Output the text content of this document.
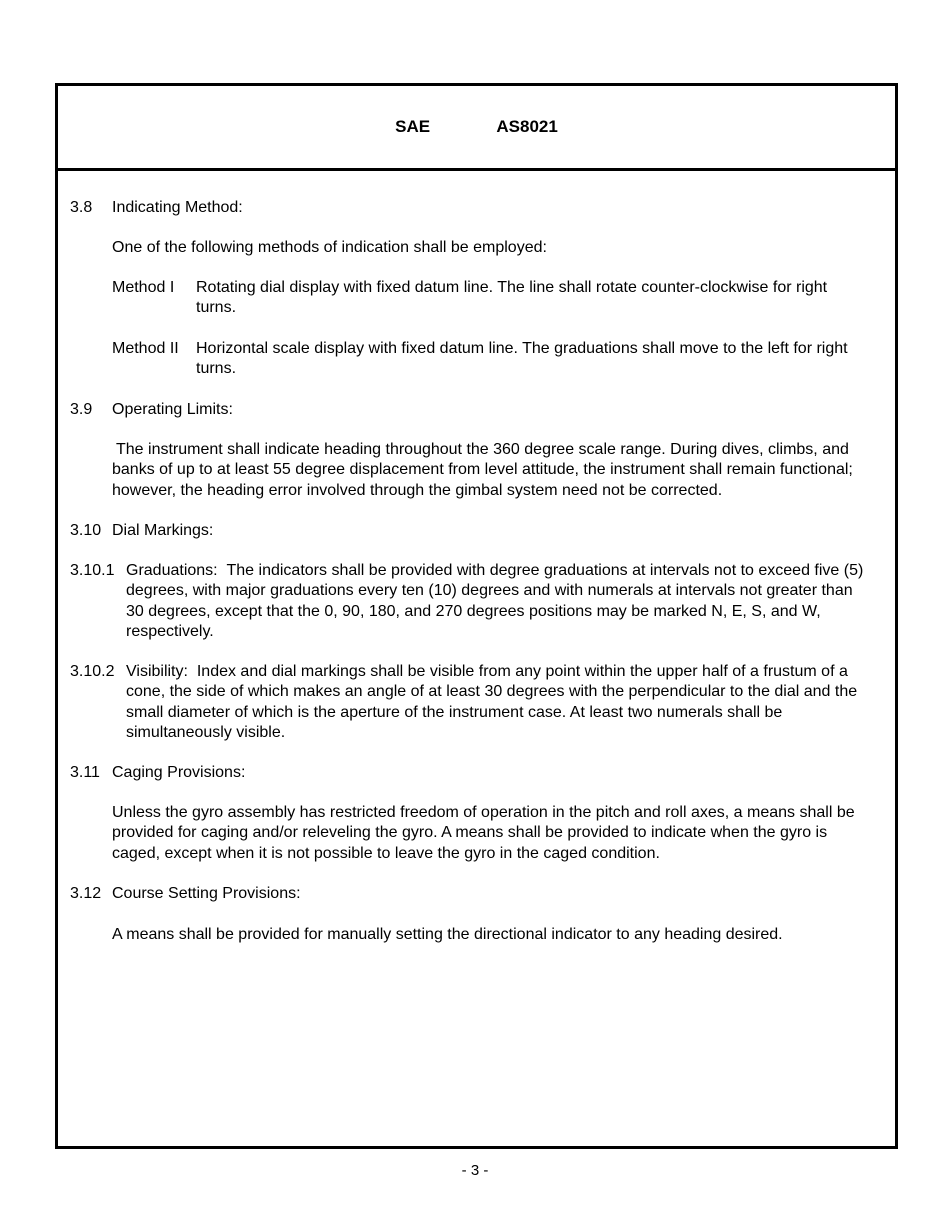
SAE    AS8021
3.8 Indicating Method:
One of the following methods of indication shall be employed:
Method I Rotating dial display with fixed datum line. The line shall rotate counter-clockwise for right turns.
Method II Horizontal scale display with fixed datum line. The graduations shall move to the left for right turns.
3.9 Operating Limits:
The instrument shall indicate heading throughout the 360 degree scale range. During dives, climbs, and banks of up to at least 55 degree displacement from level attitude, the instrument shall remain functional; however, the heading error involved through the gimbal system need not be corrected.
3.10 Dial Markings:
3.10.1 Graduations: The indicators shall be provided with degree graduations at intervals not to exceed five (5) degrees, with major graduations every ten (10) degrees and with numerals at intervals not greater than 30 degrees, except that the 0, 90, 180, and 270 degrees positions may be marked N, E, S, and W, respectively.
3.10.2 Visibility: Index and dial markings shall be visible from any point within the upper half of a frustum of a cone, the side of which makes an angle of at least 30 degrees with the perpendicular to the dial and the small diameter of which is the aperture of the instrument case. At least two numerals shall be simultaneously visible.
3.11 Caging Provisions:
Unless the gyro assembly has restricted freedom of operation in the pitch and roll axes, a means shall be provided for caging and/or releveling the gyro. A means shall be provided to indicate when the gyro is caged, except when it is not possible to leave the gyro in the caged condition.
3.12 Course Setting Provisions:
A means shall be provided for manually setting the directional indicator to any heading desired.
- 3 -
